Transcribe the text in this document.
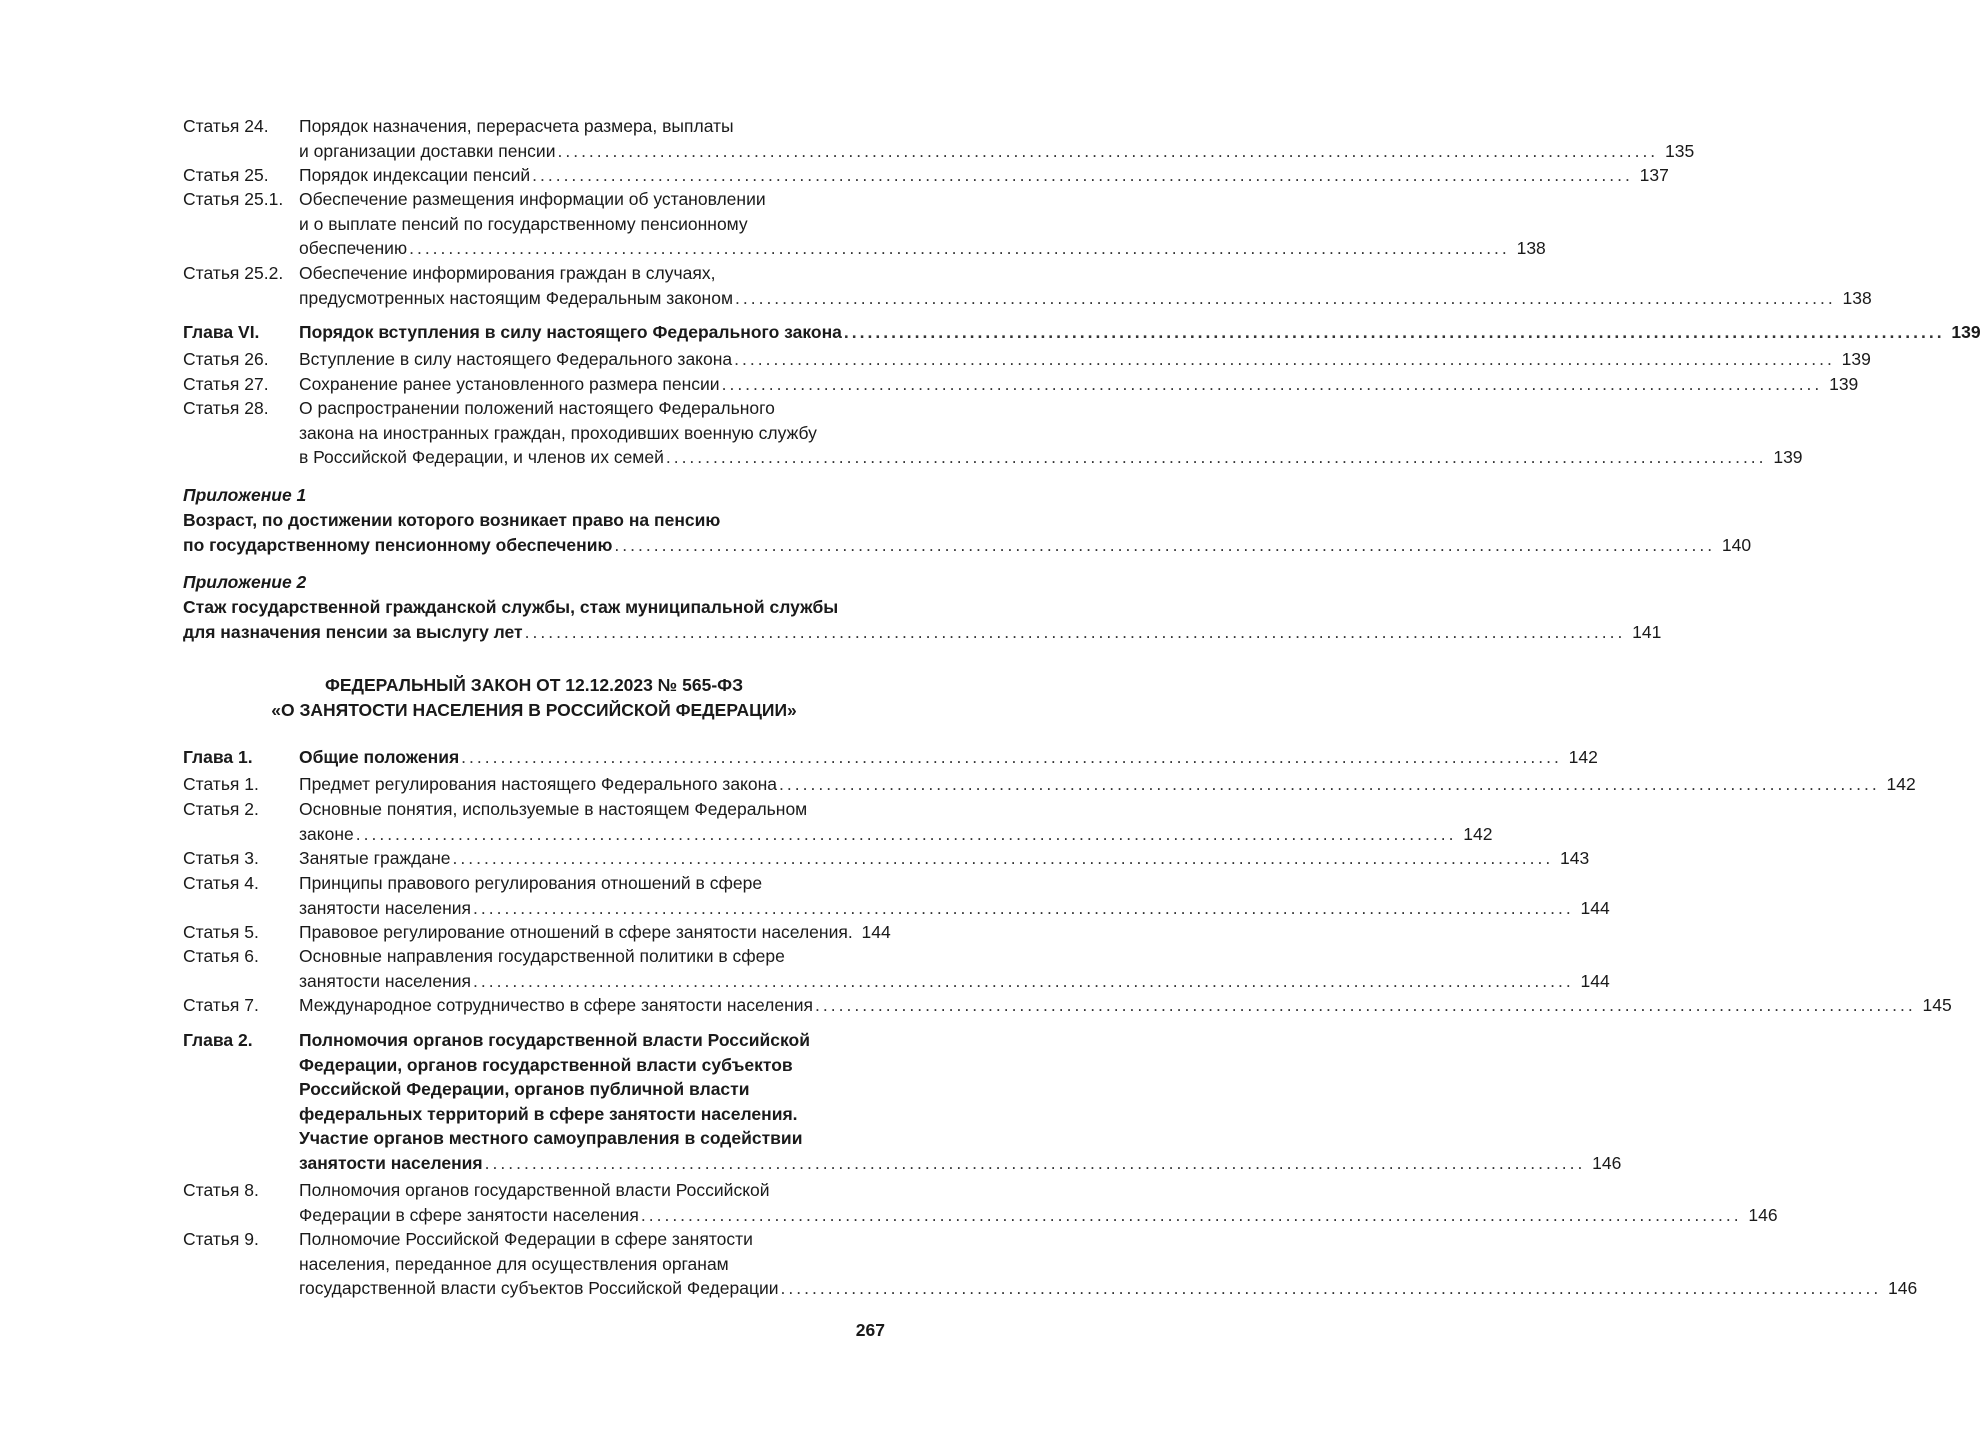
Статья 24. Порядок назначения, перерасчета размера, выплаты
и организации доставки пенсии ............................................................................................................................................ 135
Статья 25. Порядок индексации пенсий ............................................................................................................................................ 137
Статья 25.1. Обеспечение размещения информации об установлении
и о выплате пенсий по государственному пенсионному
обеспечению ............................................................................................................................................ 138
Статья 25.2. Обеспечение информирования граждан в случаях,
предусмотренных настоящим Федеральным законом ............................................................................................................................................ 138
Глава VI. Порядок вступления в силу настоящего Федерального закона ............................................................................................................................................ 139
Статья 26. Вступление в силу настоящего Федерального закона ............................................................................................................................................ 139
Статья 27. Сохранение ранее установленного размера пенсии ............................................................................................................................................ 139
Статья 28. О распространении положений настоящего Федерального
закона на иностранных граждан, проходивших военную службу
в Российской Федерации, и членов их семей ............................................................................................................................................ 139
Приложение 1
Возраст, по достижении которого возникает право на пенсию
по государственному пенсионному обеспечению ............................................................................................................................................ 140
Приложение 2
Стаж государственной гражданской службы, стаж муниципальной службы
для назначения пенсии за выслугу лет ............................................................................................................................................ 141
ФЕДЕРАЛЬНЫЙ ЗАКОН ОТ 12.12.2023 № 565-ФЗ
«О ЗАНЯТОСТИ НАСЕЛЕНИЯ В РОССИЙСКОЙ ФЕДЕРАЦИИ»
Глава 1.	Общие положения ............................................................................................................................................ 142
Статья 1. Предмет регулирования настоящего Федерального закона ............................................................................................................................................ 142
Статья 2. Основные понятия, используемые в настоящем Федеральном
законе ............................................................................................................................................ 142
Статья 3. Занятые граждане ............................................................................................................................................ 143
Статья 4. Принципы правового регулирования отношений в сфере
занятости населения ............................................................................................................................................ 144
Статья 5. Правовое регулирование отношений в сфере занятости населения. 144
Статья 6. Основные направления государственной политики в сфере
занятости населения ............................................................................................................................................ 144
Статья 7. Международное сотрудничество в сфере занятости населения ............................................................................................................................................ 145
Глава 2.	Полномочия органов государственной власти Российской
Федерации, органов государственной власти субъектов
Российской Федерации, органов публичной власти
федеральных территорий в сфере занятости населения.
Участие органов местного самоуправления в содействии
занятости населения ............................................................................................................................................ 146
Статья 8. Полномочия органов государственной власти Российской
Федерации в сфере занятости населения ............................................................................................................................................ 146
Статья 9. Полномочие Российской Федерации в сфере занятости
населения, переданное для осуществления органам
государственной власти субъектов Российской Федерации ............................................................................................................................................ 146
267
